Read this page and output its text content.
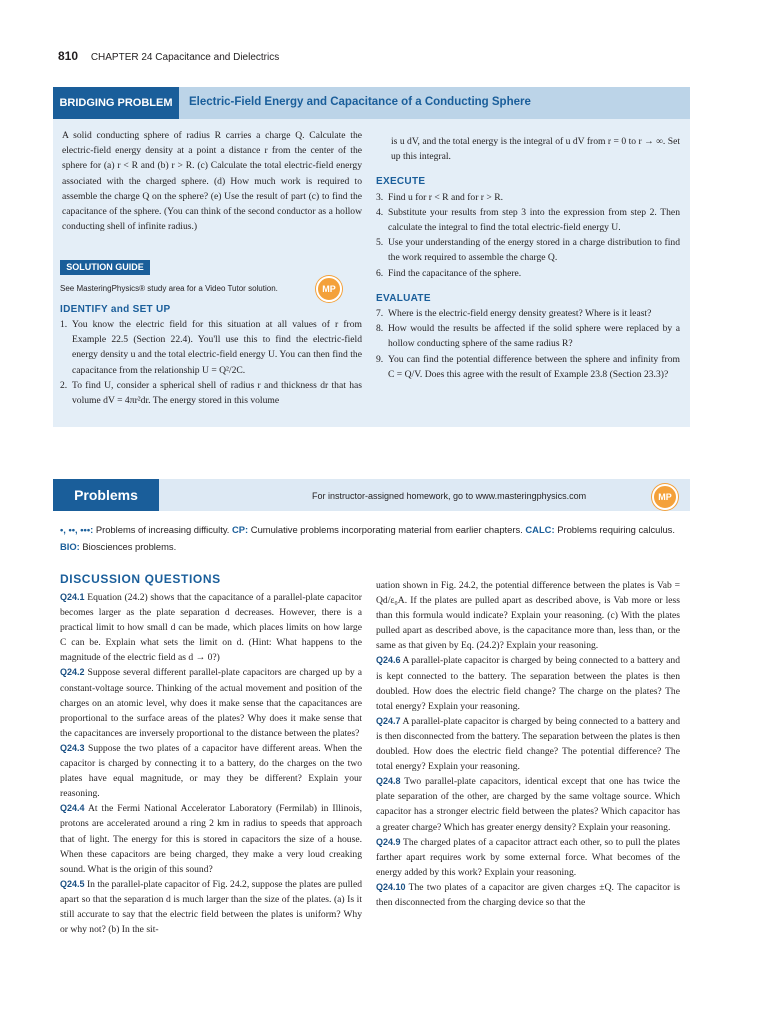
810 CHAPTER 24 Capacitance and Dielectrics
BRIDGING PROBLEM	Electric-Field Energy and Capacitance of a Conducting Sphere

A solid conducting sphere of radius R carries a charge Q. Calculate the electric-field energy density at a point a distance r from the center of the sphere for (a) r < R and (b) r > R. (c) Calculate the total electric-field energy associated with the charged sphere. (d) How much work is required to assemble the charge Q on the sphere? (e) Use the result of part (c) to find the capacitance of the sphere. (You can think of the second conductor as a hollow conducting shell of infinite radius.)

SOLUTION GUIDE
See MasteringPhysics® study area for a Video Tutor solution.	MP
IDENTIFY and SET UP
1. You know the electric field for this situation at all values of r from Example 22.5 (Section 22.4). You'll use this to find the electric-field energy density u and the total electric-field energy U. You can then find the capacitance from the relationship U = Q²/2C.
2. To find U, consider a spherical shell of radius r and thickness dr that has volume dV = 4πr²dr. The energy stored in this volume

is u dV, and the total energy is the integral of u dV from r = 0 to r → ∞. Set up this integral.

EXECUTE
3. Find u for r < R and for r > R.
4. Substitute your results from step 3 into the expression from step 2. Then calculate the integral to find the total electric-field energy U.
5. Use your understanding of the energy stored in a charge distribution to find the work required to assemble the charge Q.
6. Find the capacitance of the sphere.
EVALUATE
7. Where is the electric-field energy density greatest? Where is it least?
8. How would the results be affected if the solid sphere were replaced by a hollow conducting sphere of the same radius R?
9. You can find the potential difference between the sphere and infinity from C = Q/V. Does this agree with the result of Example 23.8 (Section 23.3)?
Problems	For instructor-assigned homework, go to www.masteringphysics.com	MP
•, ••, •••: Problems of increasing difficulty. CP: Cumulative problems incorporating material from earlier chapters. CALC: Problems requiring calculus. BIO: Biosciences problems.
DISCUSSION QUESTIONS

Q24.1 Equation (24.2) shows that the capacitance of a parallel-plate capacitor becomes larger as the plate separation d decreases. However, there is a practical limit to how small d can be made, which places limits on how large C can be. Explain what sets the limit on d. (Hint: What happens to the magnitude of the electric field as d → 0?)

Q24.2 Suppose several different parallel-plate capacitors are charged up by a constant-voltage source. Thinking of the actual movement and position of the charges on an atomic level, why does it make sense that the capacitances are proportional to the surface areas of the plates? Why does it make sense that the capacitances are inversely proportional to the distance between the plates?

Q24.3 Suppose the two plates of a capacitor have different areas. When the capacitor is charged by connecting it to a battery, do the charges on the two plates have equal magnitude, or may they be different? Explain your reasoning.

Q24.4 At the Fermi National Accelerator Laboratory (Fermilab) in Illinois, protons are accelerated around a ring 2 km in radius to speeds that approach that of light. The energy for this is stored in capacitors the size of a house. When these capacitors are being charged, they make a very loud creaking sound. What is the origin of this sound?

Q24.5 In the parallel-plate capacitor of Fig. 24.2, suppose the plates are pulled apart so that the separation d is much larger than the size of the plates. (a) Is it still accurate to say that the electric field between the plates is uniform? Why or why not? (b) In the sit-

uation shown in Fig. 24.2, the potential difference between the plates is Vab = Qd/ε₀A. If the plates are pulled apart as described above, is Vab more or less than this formula would indicate? Explain your reasoning. (c) With the plates pulled apart as described above, is the capacitance more than, less than, or the same as that given by Eq. (24.2)? Explain your reasoning.

Q24.6 A parallel-plate capacitor is charged by being connected to a battery and is kept connected to the battery. The separation between the plates is then doubled. How does the electric field change? The charge on the plates? The total energy? Explain your reasoning.

Q24.7 A parallel-plate capacitor is charged by being connected to a battery and is then disconnected from the battery. The separation between the plates is then doubled. How does the electric field change? The potential difference? The total energy? Explain your reasoning.

Q24.8 Two parallel-plate capacitors, identical except that one has twice the plate separation of the other, are charged by the same voltage source. Which capacitor has a stronger electric field between the plates? Which capacitor has a greater charge? Which has greater energy density? Explain your reasoning.

Q24.9 The charged plates of a capacitor attract each other, so to pull the plates farther apart requires work by some external force. What becomes of the energy added by this work? Explain your reasoning.

Q24.10 The two plates of a capacitor are given charges ±Q. The capacitor is then disconnected from the charging device so that the
